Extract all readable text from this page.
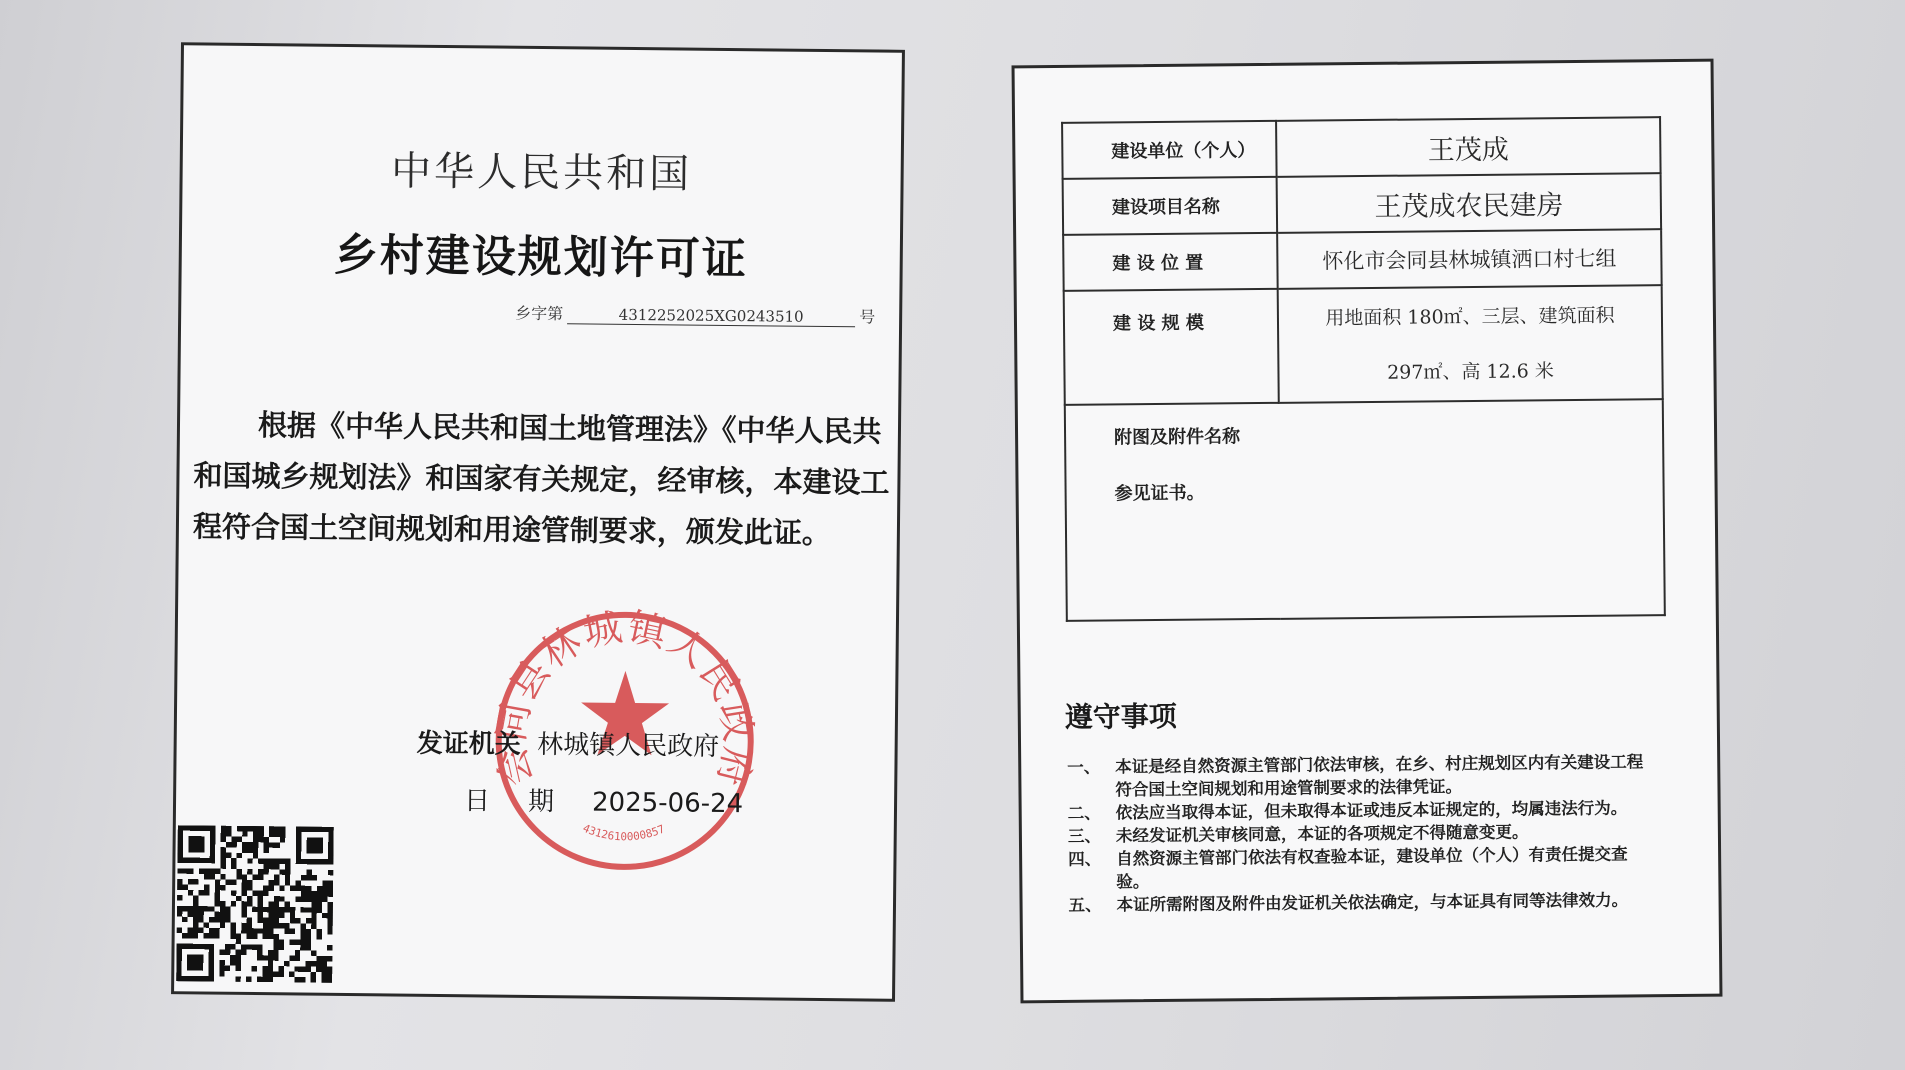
中华人民共和国
乡村建设规划许可证
乡字第	4312252025XG0243510	号
根据《中华人民共和国土地管理法》《中华人民共和国城乡规划法》和国家有关规定，经审核，本建设工程符合国土空间规划和用途管制要求，颁发此证。
会同县林城镇人民政府
4312610000857
发证机关 林城镇人民政府
日期2025-06-24
建设单位（个人）	王茂成
建设项目名称	王茂成农民建房
建 设 位 置	怀化市会同县林城镇洒口村七组
建 设 规 模	用地面积 180㎡、三层、建筑面积
297㎡、高 12.6 米

附图及附件名称
参见证书。	
遵守事项
一、 本证是经自然资源主管部门依法审核，在乡、村庄规划区内有关建设工程符合国土空间规划和用途管制要求的法律凭证。
二、 依法应当取得本证，但未取得本证或违反本证规定的，均属违法行为。
三、 未经发证机关审核同意，本证的各项规定不得随意变更。
四、 自然资源主管部门依法有权查验本证，建设单位（个人）有责任提交查验。
五、 本证所需附图及附件由发证机关依法确定，与本证具有同等法律效力。
